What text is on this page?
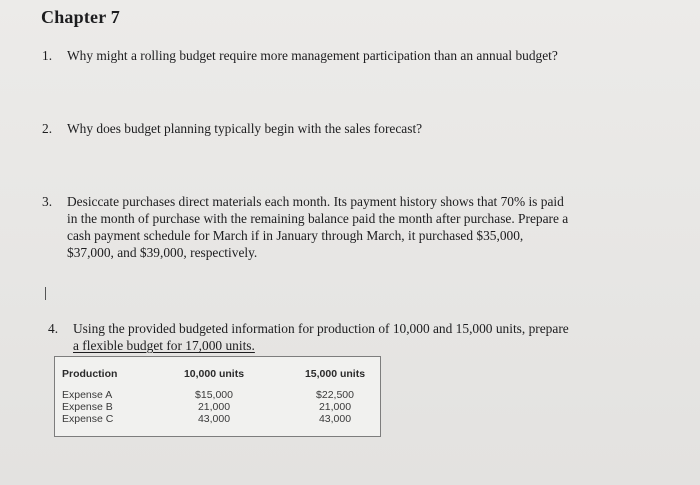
Chapter 7
1. Why might a rolling budget require more management participation than an annual budget?
2. Why does budget planning typically begin with the sales forecast?
3. Desiccate purchases direct materials each month. Its payment history shows that 70% is paid
in the month of purchase with the remaining balance paid the month after purchase. Prepare a
cash payment schedule for March if in January through March, it purchased $35,000,
$37,000, and $39,000, respectively.
4. Using the provided budgeted information for production of 10,000 and 15,000 units, prepare
a flexible budget for 17,000 units.
Production	10,000 units	15,000 units
Expense A	$15,000	$22,500
Expense B	21,000	21,000
Expense C	43,000	43,000
